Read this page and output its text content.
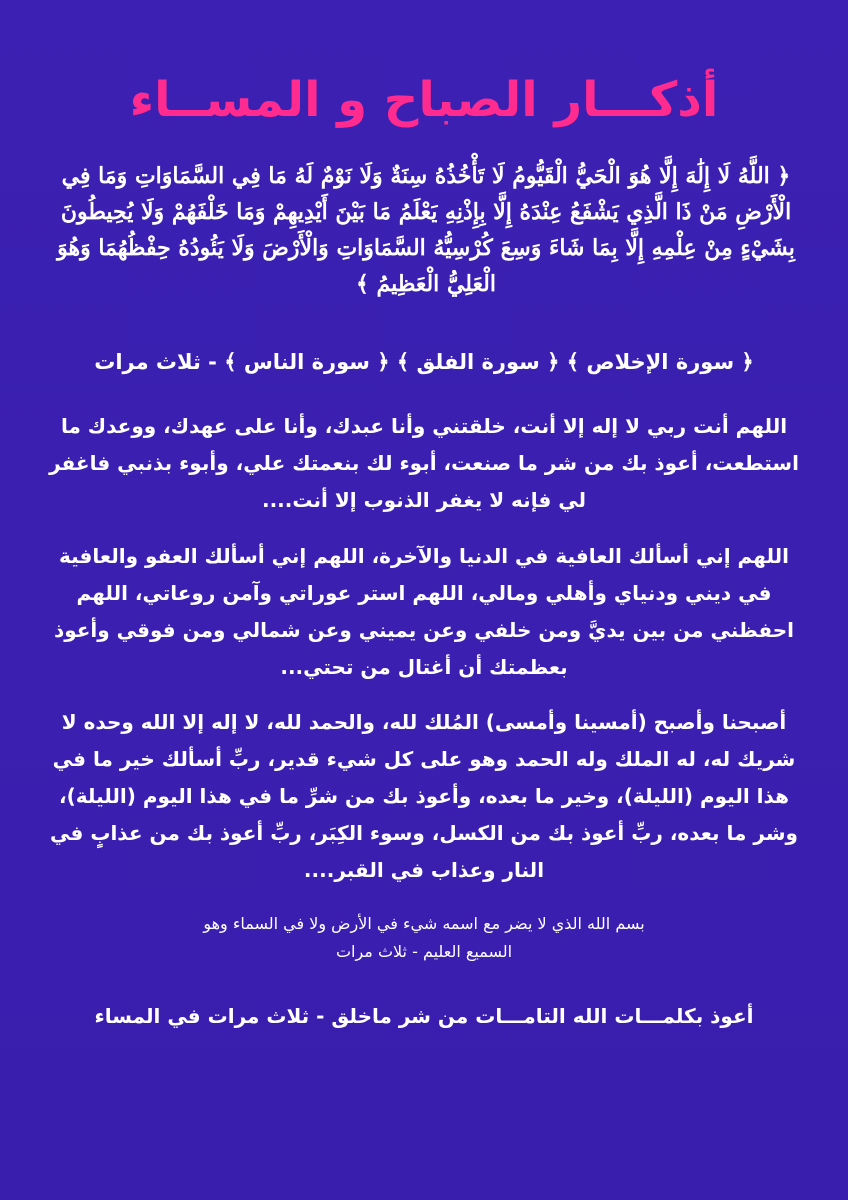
أذكـــار الصباح و المســاء
﴿ اللَّهُ لَا إِلَٰهَ إِلَّا هُوَ الْحَيُّ الْقَيُّومُ لَا تَأْخُذُهُ سِنَةٌ وَلَا نَوْمٌ لَهُ مَا فِي السَّمَاوَاتِ وَمَا فِي الْأَرْضِ مَنْ ذَا الَّذِي يَشْفَعُ عِنْدَهُ إِلَّا بِإِذْنِهِ يَعْلَمُ مَا بَيْنَ أَيْدِيهِمْ وَمَا خَلْفَهُمْ وَلَا يُحِيطُونَ بِشَيْءٍ مِنْ عِلْمِهِ إِلَّا بِمَا شَاءَ وَسِعَ كُرْسِيُّهُ السَّمَاوَاتِ وَالْأَرْضَ وَلَا يَئُودُهُ حِفْظُهُمَا وَهُوَ الْعَلِيُّ الْعَظِيمُ ﴾
﴿ سورة الإخلاص ﴾ ﴿ سورة الفلق ﴾ ﴿ سورة الناس ﴾ - ثلاث مرات
اللهم أنت ربي لا إله إلا أنت، خلقتني وأنا عبدك، وأنا على عهدك، ووعدك ما استطعت، أعوذ بك من شر ما صنعت، أبوء لك بنعمتك علي، وأبوء بذنبي فاغفر لي فإنه لا يغفر الذنوب إلا أنت....
اللهم إني أسألك العافية في الدنيا والآخرة، اللهم إني أسألك العفو والعافية في ديني ودنياي وأهلي ومالي، اللهم استر عوراتي وآمن روعاتي، اللهم احفظني من بين يديَّ ومن خلفي وعن يميني وعن شمالي ومن فوقي وأعوذ بعظمتك أن أغتال من تحتي...
أصبحنا وأصبح (أمسينا وأمسى) المُلك لله، والحمد لله، لا إله إلا الله وحده لا شريك له، له الملك وله الحمد وهو على كل شيء قدير، ربِّ أسألك خير ما في هذا اليوم (الليلة)، وخير ما بعده، وأعوذ بك من شرِّ ما في هذا اليوم (الليلة)، وشر ما بعده، ربِّ أعوذ بك من الكسل، وسوء الكِبَر، ربِّ أعوذ بك من عذابٍ في النار وعذاب في القبر....
بسم الله الذي لا يضر مع اسمه شيء في الأرض ولا في السماء وهو
السميع العليم - ثلاث مرات
أعوذ بكلمـــات الله التامـــات من شر ماخلق - ثلاث مرات في المساء
